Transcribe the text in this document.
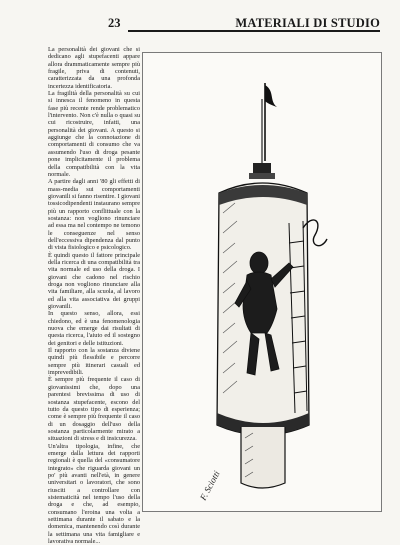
23	MATERIALI DI STUDIO

La personalità dei giovani che si dedicano agli stupefacenti appare allora drammaticamente sempre più fragile, priva di contenuti, caratterizzata da una profonda incertezza identificatoria.

La fragilità della personalità su cui si innesca il fenomeno in questa fase più recente rende problematico l'intervento. Non c'è nulla o quasi su cui ricostruire, infatti, una personalità dei giovani. A questo si aggiunge che la connotazione di comportamenti di consumo che va assumendo l'uso di droga pesante pone implicitamente il problema della compatibilità con la vita normale.

A partire dagli anni '80 gli effetti di mass-media sui comportamenti giovanili si fanno risentire. I giovani tossicodipendenti instaurano sempre più un rapporto conflittuale con la sostanza: non vogliono rinunciare ad essa ma nel contempo ne temono le conseguenze nel senso dell'eccessiva dipendenza dal punto di vista fisiologico e psicologico.

È quindi questo il fattore principale della ricerca di una compatibilità tra vita normale ed uso della droga. I giovani che cadono nel rischio droga non vogliono rinunciare alla vita familiare, alla scuola, al lavoro ed alla vita associativa dei gruppi giovanili.

In questo senso, allora, essi chiedono, ed è una fenomenologia nuova che emerge dai risultati di questa ricerca, l'aiuto ed il sostegno dei genitori e delle istituzioni.

Il rapporto con la sostanza diviene quindi più flessibile e percorre sempre più itinerari casuali ed imprevedibili.

È sempre più frequente il caso di giovanissimi che, dopo una parentesi brevissima di uso di sostanza stupefacente, escono del tutto da questo tipo di esperienza; come è sempre più frequente il caso di un dosaggio dell'uso della sostanza particolarmente mirato a situazioni di stress e di insicurezza.

Un'altra tipologia, infine, che emerge dalla lettura dei rapporti regionali è quella del «consumatore integrato» che riguarda giovani un po' più avanti nell'età, in genere universitari o lavoratori, che sono riusciti a controllare con sistematicità nel tempo l'uso della droga e che, ad esempio, consumano l'eroina una volta a settimana durante il sabato e la domenica, mantenendo così durante la settimana una vita famigliare e lavorativa normale...

F. Sciotti
